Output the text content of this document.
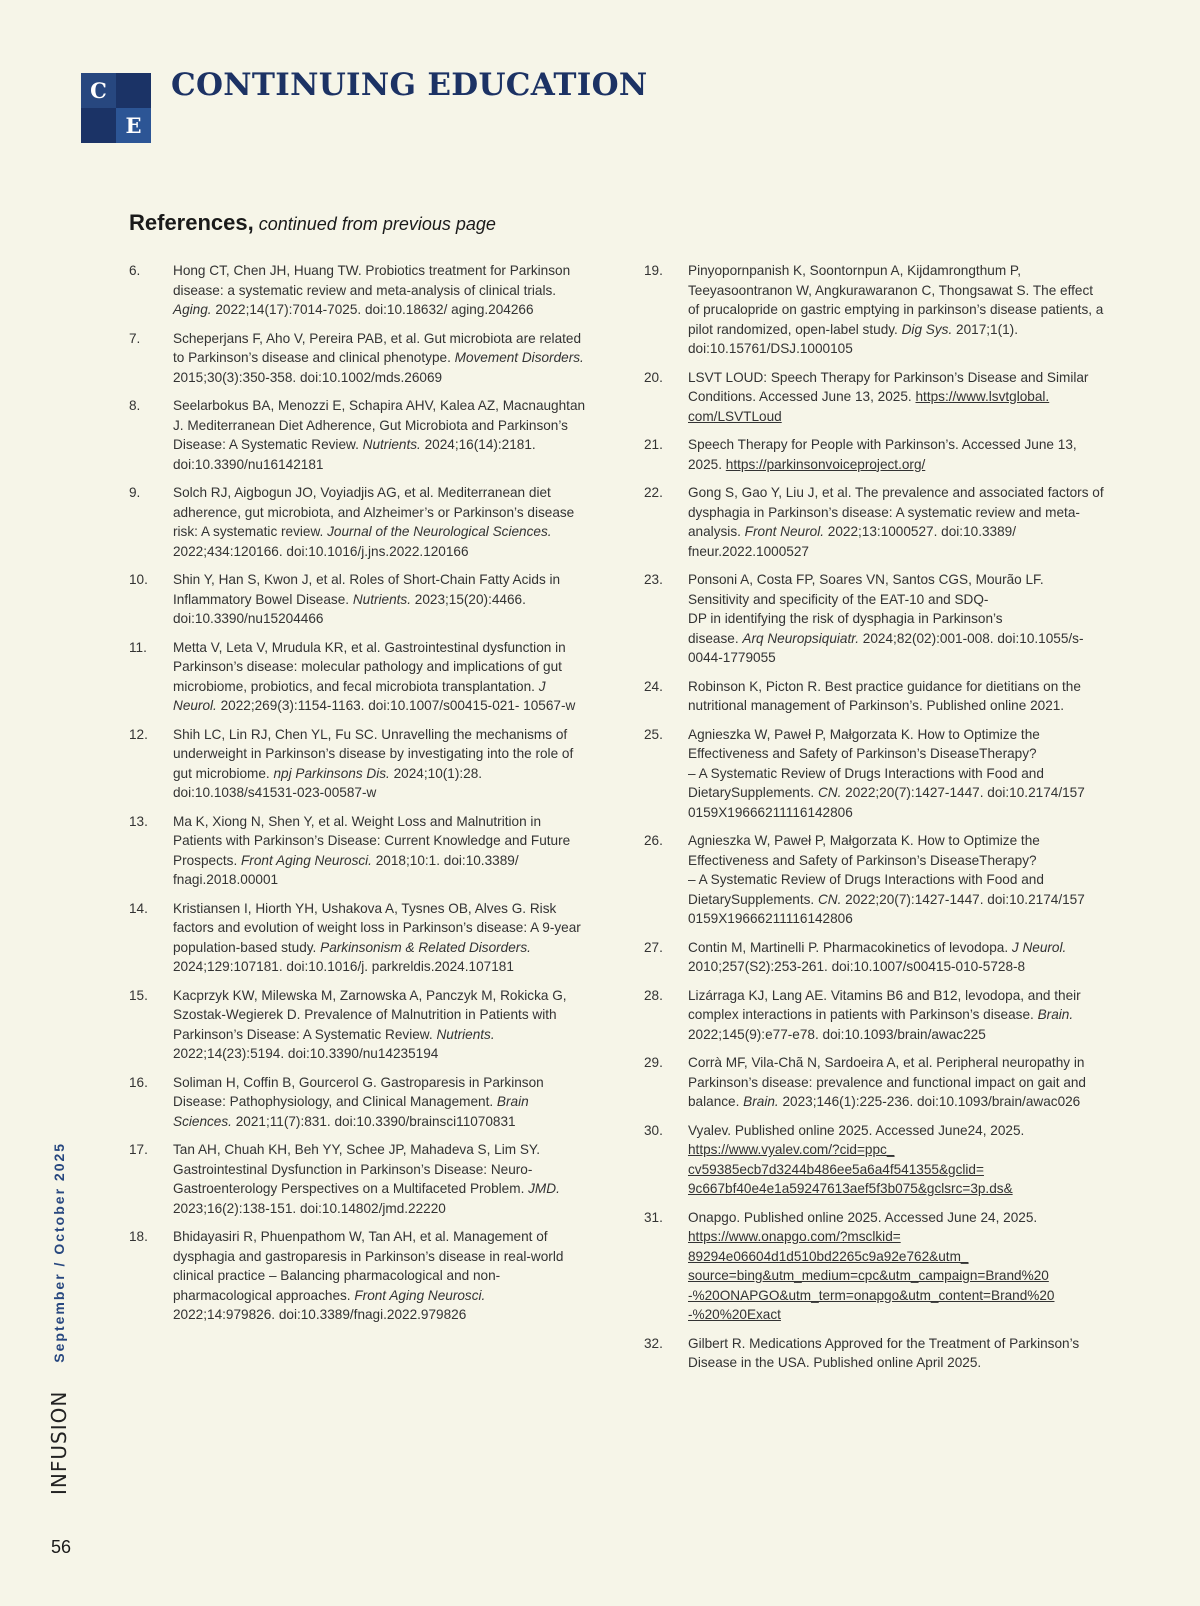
C
E
CONTINUING EDUCATION
References, continued from previous page
6.	Hong CT, Chen JH, Huang TW. Probiotics treatment for Parkinson disease: a systematic review and meta-analysis of clinical trials. Aging. 2022;14(17):7014-7025. doi:10.18632/ aging.204266
7.	Scheperjans F, Aho V, Pereira PAB, et al. Gut microbiota are related to Parkinson’s disease and clinical phenotype. Movement Disorders. 2015;30(3):350-358. doi:10.1002/mds.26069
8.	Seelarbokus BA, Menozzi E, Schapira AHV, Kalea AZ, Macnaughtan J. Mediterranean Diet Adherence, Gut Microbiota and Parkinson’s Disease: A Systematic Review. Nutrients. 2024;16(14):2181. doi:10.3390/nu16142181
9.	Solch RJ, Aigbogun JO, Voyiadjis AG, et al. Mediterranean diet adherence, gut microbiota, and Alzheimer’s or Parkinson’s disease risk: A systematic review. Journal of the Neurological Sciences. 2022;434:120166. doi:10.1016/j.jns.2022.120166
10.	Shin Y, Han S, Kwon J, et al. Roles of Short-Chain Fatty Acids in Inflammatory Bowel Disease. Nutrients. 2023;15(20):4466. doi:10.3390/nu15204466
11.	Metta V, Leta V, Mrudula KR, et al. Gastrointestinal dysfunction in Parkinson’s disease: molecular pathology and implications of gut microbiome, probiotics, and fecal microbiota transplantation. J Neurol. 2022;269(3):1154-1163. doi:10.1007/s00415-021- 10567-w
12.	Shih LC, Lin RJ, Chen YL, Fu SC. Unravelling the mechanisms of underweight in Parkinson’s disease by investigating into the role of gut microbiome. npj Parkinsons Dis. 2024;10(1):28. doi:10.1038/s41531-023-00587-w
13.	Ma K, Xiong N, Shen Y, et al. Weight Loss and Malnutrition in Patients with Parkinson’s Disease: Current Knowledge and Future Prospects. Front Aging Neurosci. 2018;10:1. doi:10.3389/ fnagi.2018.00001
14.	Kristiansen I, Hiorth YH, Ushakova A, Tysnes OB, Alves G. Risk factors and evolution of weight loss in Parkinson’s disease: A 9-year population-based study. Parkinsonism & Related Disorders. 2024;129:107181. doi:10.1016/j. parkreldis.2024.107181
15.	Kacprzyk KW, Milewska M, Zarnowska A, Panczyk M, Rokicka G, Szostak-Wegierek D. Prevalence of Malnutrition in Patients with Parkinson’s Disease: A Systematic Review. Nutrients. 2022;14(23):5194. doi:10.3390/nu14235194
16.	Soliman H, Coffin B, Gourcerol G. Gastroparesis in Parkinson Disease: Pathophysiology, and Clinical Management. Brain Sciences. 2021;11(7):831. doi:10.3390/brainsci11070831
17.	Tan AH, Chuah KH, Beh YY, Schee JP, Mahadeva S, Lim SY. Gastrointestinal Dysfunction in Parkinson’s Disease: Neuro- Gastroenterology Perspectives on a Multifaceted Problem. JMD. 2023;16(2):138-151. doi:10.14802/jmd.22220
18.	Bhidayasiri R, Phuenpathom W, Tan AH, et al. Management of dysphagia and gastroparesis in Parkinson’s disease in real-world clinical practice – Balancing pharmacological and non-pharmacological approaches. Front Aging Neurosci. 2022;14:979826. doi:10.3389/fnagi.2022.979826
19.	Pinyopornpanish K, Soontornpun A, Kijdamrongthum P, Teeyasoontranon W, Angkurawaranon C, Thongsawat S. The effect of prucalopride on gastric emptying in parkinson’s disease patients, a pilot randomized, open-label study. Dig Sys. 2017;1(1). doi:10.15761/DSJ.1000105
20.	LSVT LOUD: Speech Therapy for Parkinson’s Disease and Similar Conditions. Accessed June 13, 2025. https://www.lsvtglobal. com/LSVTLoud
21.	Speech Therapy for People with Parkinson’s. Accessed June 13, 2025. https://parkinsonvoiceproject.org/
22.	Gong S, Gao Y, Liu J, et al. The prevalence and associated factors of dysphagia in Parkinson’s disease: A systematic review and meta-analysis. Front Neurol. 2022;13:1000527. doi:10.3389/ fneur.2022.1000527
23.	Ponsoni A, Costa FP, Soares VN, Santos CGS, Mourão LF. Sensitivity and specificity of the EAT-10 and SDQ-
DP in identifying the risk of dysphagia in Parkinson’s
disease. Arq Neuropsiquiatr. 2024;82(02):001-008. doi:10.1055/s-0044-1779055
24.	Robinson K, Picton R. Best practice guidance for dietitians on the nutritional management of Parkinson’s. Published online 2021.
25.	Agnieszka W, Paweł P, Małgorzata K. How to Optimize the Effectiveness and Safety of Parkinson’s DiseaseTherapy?
– A Systematic Review of Drugs Interactions with Food and DietarySupplements. CN. 2022;20(7):1427-1447. doi:10.2174/157 0159X19666211116142806
26.	Agnieszka W, Paweł P, Małgorzata K. How to Optimize the Effectiveness and Safety of Parkinson’s DiseaseTherapy?
– A Systematic Review of Drugs Interactions with Food and DietarySupplements. CN. 2022;20(7):1427-1447. doi:10.2174/157 0159X19666211116142806
27.	Contin M, Martinelli P. Pharmacokinetics of levodopa. J Neurol. 2010;257(S2):253-261. doi:10.1007/s00415-010-5728-8
28.	Lizárraga KJ, Lang AE. Vitamins B6 and B12, levodopa, and their complex interactions in patients with Parkinson’s disease. Brain. 2022;145(9):e77-e78. doi:10.1093/brain/awac225
29.	Corrà MF, Vila-Chã N, Sardoeira A, et al. Peripheral neuropathy in Parkinson’s disease: prevalence and functional impact on gait and balance. Brain. 2023;146(1):225-236. doi:10.1093/brain/awac026
30.	Vyalev. Published online 2025. Accessed June24, 2025.
https://www.vyalev.com/?cid=ppc_
cv59385ecb7d3244b486ee5a6a4f541355&gclid=
9c667bf40e4e1a59247613aef5f3b075&gclsrc=3p.ds&
31.	Onapgo. Published online 2025. Accessed June 24, 2025.
https://www.onapgo.com/?msclkid=
89294e06604d1d510bd2265c9a92e762&utm_
source=bing&utm_medium=cpc&utm_campaign=Brand%20
-%20ONAPGO&utm_term=onapgo&utm_content=Brand%20
-%20%20Exact
32.	Gilbert R. Medications Approved for the Treatment of Parkinson’s Disease in the USA. Published online April 2025.
INFUSION
September / October 2025
56
